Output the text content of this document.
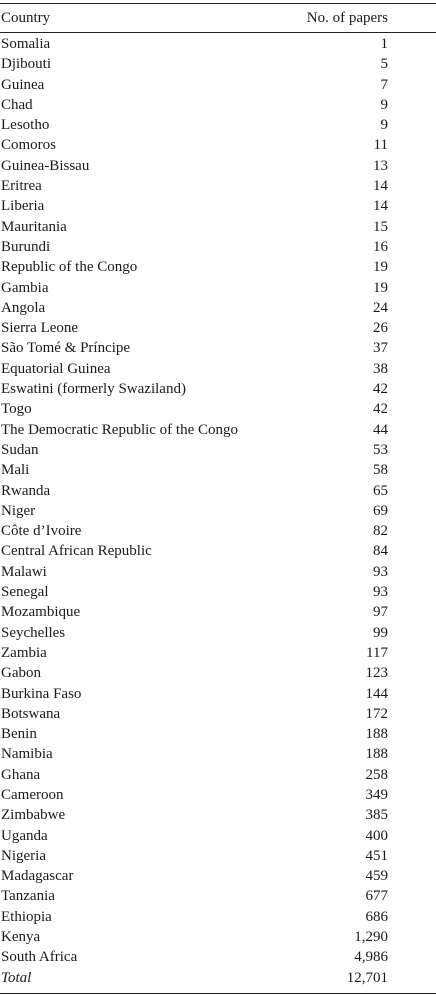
Country	No. of papers
Somalia	1
Djibouti	5
Guinea	7
Chad	9
Lesotho	9
Comoros	11
Guinea-Bissau	13
Eritrea	14
Liberia	14
Mauritania	15
Burundi	16
Republic of the Congo	19
Gambia	19
Angola	24
Sierra Leone	26
São Tomé & Príncipe	37
Equatorial Guinea	38
Eswatini (formerly Swaziland)	42
Togo	42
The Democratic Republic of the Congo	44
Sudan	53
Mali	58
Rwanda	65
Niger	69
Côte d’Ivoire	82
Central African Republic	84
Malawi	93
Senegal	93
Mozambique	97
Seychelles	99
Zambia	117
Gabon	123
Burkina Faso	144
Botswana	172
Benin	188
Namibia	188
Ghana	258
Cameroon	349
Zimbabwe	385
Uganda	400
Nigeria	451
Madagascar	459
Tanzania	677
Ethiopia	686
Kenya	1,290
South Africa	4,986
Total	12,701
